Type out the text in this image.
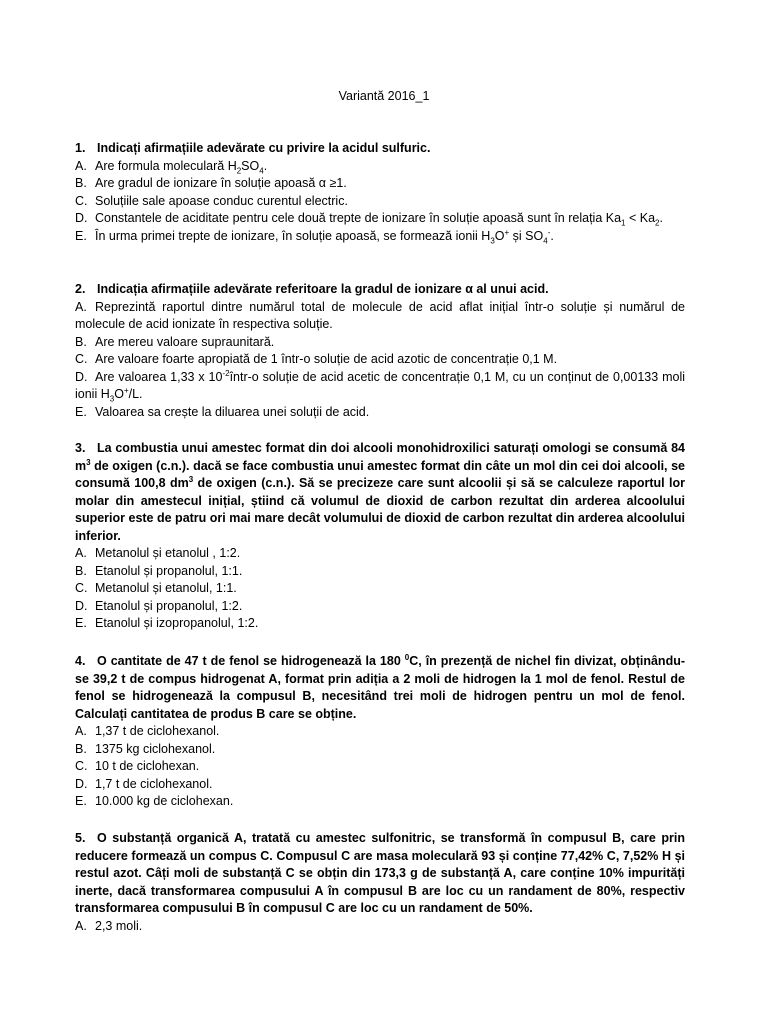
Variantă 2016_1
1. Indicați afirmațiile adevărate cu privire la acidul sulfuric.
A. Are formula moleculară $H_2SO_4$.
B. Are gradul de ionizare în soluție apoasă α ≥1.
C. Soluțiile sale apoase conduc curentul electric.
D. Constantele de aciditate pentru cele două trepte de ionizare în soluție apoasă sunt în relația $Ka_1 < Ka_2$.
E. În urma primei trepte de ionizare, în soluție apoasă, se formează ionii $H_3O^+$ și $SO_4^-$.
2. Indicația afirmațiile adevărate referitoare la gradul de ionizare α al unui acid.
A. Reprezintă raportul dintre numărul total de molecule de acid aflat inițial într-o soluție și numărul de molecule de acid ionizate în respectiva soluție.
B. Are mereu valoare supraunitară.
C. Are valoare foarte apropiată de 1 într-o soluție de acid azotic de concentrație 0,1 M.
D. Are valoarea 1,33 x $10^{-2}într-o$ soluție de acid acetic de concentrație 0,1 M, cu un conținut de 0,00133 moli ionii $H_3O^+/L$.
E. Valoarea sa crește la diluarea unei soluții de acid.
3. La combustia unui amestec format din doi alcooli monohidroxilici saturați omologi se consumă 84 $m^3$ de oxigen (c.n.). dacă se face combustia unui amestec format din câte un mol din cei doi alcooli, se consumă 100,8 $dm^3$ de oxigen (c.n.). Să se precizeze care sunt alcoolii și să se calculeze raportul lor molar din amestecul inițial, știind că volumul de dioxid de carbon rezultat din arderea alcoolului superior este de patru ori mai mare decât volumului de dioxid de carbon rezultat din arderea alcoolului inferior.
A. Metanolul și etanolul , 1:2.
B. Etanolul și propanolul, 1:1.
C. Metanolul și etanolul, 1:1.
D. Etanolul și propanolul, 1:2.
E. Etanolul și izopropanolul, 1:2.
4. O cantitate de 47 t de fenol se hidrogenează la 180 $^0$C, în prezență de nichel fin divizat, obținându-se 39,2 t de compus hidrogenat A, format prin adiția a 2 moli de hidrogen la 1 mol de fenol. Restul de fenol se hidrogenează la compusul B, necesitând trei moli de hidrogen pentru un mol de fenol. Calculați cantitatea de produs B care se obține.
A. 1,37 t de ciclohexanol.
B. 1375 kg ciclohexanol.
C. 10 t de ciclohexan.
D. 1,7 t de ciclohexanol.
E. 10.000 kg de ciclohexan.
5. O substanță organică A, tratată cu amestec sulfonitric, se transformă în compusul B, care prin reducere formează un compus C. Compusul C are masa moleculară 93 și conține 77,42% C, 7,52% H și restul azot. Câți moli de substanță C se obțin din 173,3 g de substanță A, care conține 10% impurități inerte, dacă transformarea compusului A în compusul B are loc cu un randament de 80%, respectiv transformarea compusului B în compusul C are loc cu un randament de 50%.
A. 2,3 moli.
